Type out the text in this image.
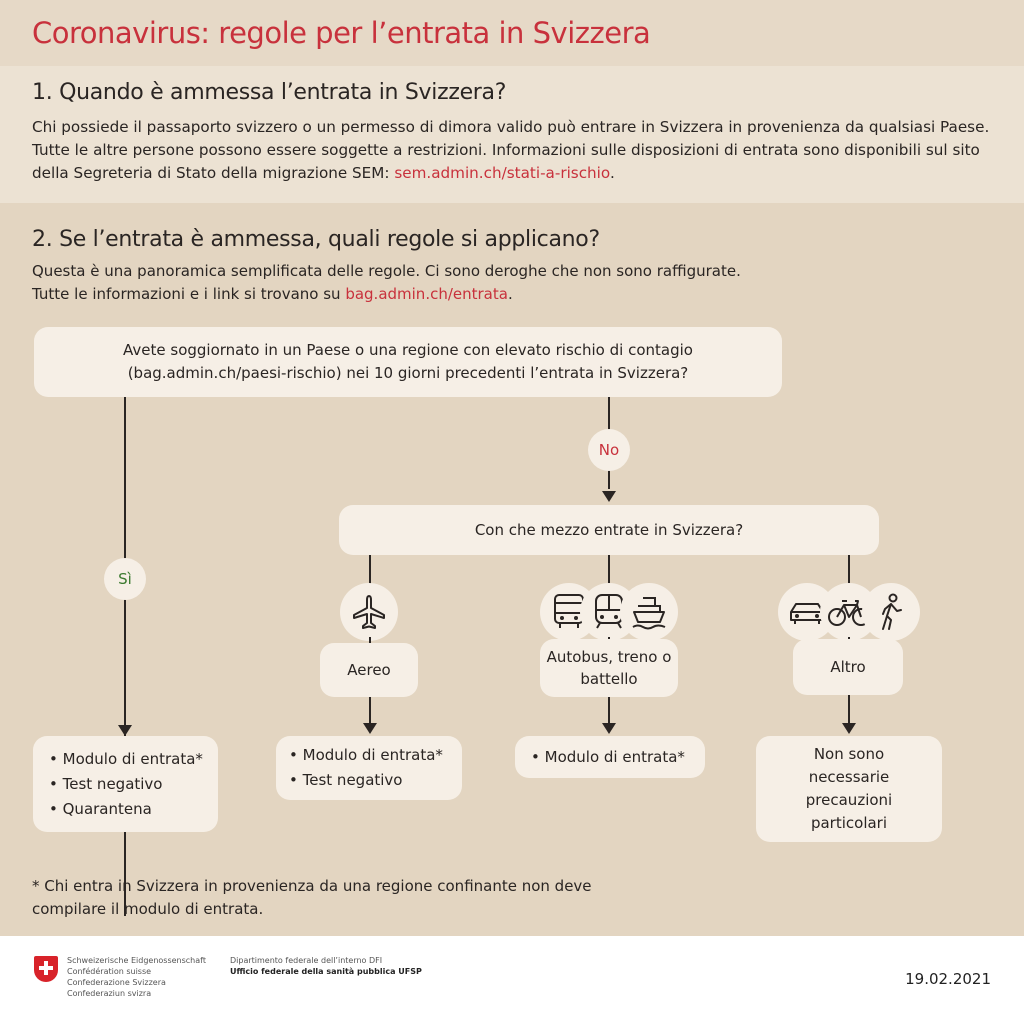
Coronavirus: regole per l’entrata in Svizzera
1. Quando è ammessa l’entrata in Svizzera?

Chi possiede il passaporto svizzero o un permesso di dimora valido può entrare in Svizzera in provenienza da qualsiasi Paese. Tutte le altre persone possono essere soggette a restrizioni. Informazioni sulle disposizioni di entrata sono disponibili sul sito della Segreteria di Stato della migrazione SEM: sem.admin.ch/stati-a-rischio.

2. Se l’entrata è ammessa, quali regole si applicano?
Questa è una panoramica semplificata delle regole. Ci sono deroghe che non sono raffigurate.
Tutte le informazioni e i link si trovano su bag.admin.ch/entrata.
Avete soggiornato in un Paese o una regione con elevato rischio di contagio (bag.admin.ch/paesi-rischio) nei 10 giorni precedenti l’entrata in Svizzera?
Sì
No
Con che mezzo entrate in Svizzera?
Aereo
Autobus, treno o battello
Altro
• Modulo di entrata*
• Test negativo
• Quarantena
• Modulo di entrata*
• Test negativo
• Modulo di entrata*	Non sono necessarie precauzioni particolari
* Chi entra in Svizzera in provenienza da una regione confinante non deve compilare il modulo di entrata.
Schweizerische Eidgenossenschaft
Confédération suisse
Confederazione Svizzera
Confederaziun svizra
Dipartimento federale dell’interno DFI
Ufficio federale della sanità pubblica UFSP	19.02.2021
